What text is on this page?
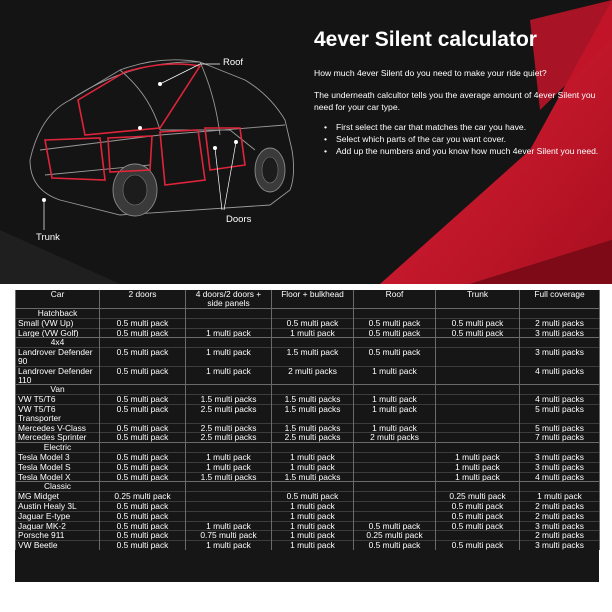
Roof
Doors
Trunk
4ever Silent calculator
How much 4ever Silent do you need to make your ride quiet?
The underneath calcultor tells you the average amount of 4ever Silent you need for your car type.
• First select the car that matches the car you have.
• Select which parts of the car you want cover.
• Add up the numbers and you know how much 4ever Silent you need.
Car	2 doors	4 doors/2 doors + side panels	Floor + bulkhead	Roof	Trunk	Full coverage
Hatchback						
Small (VW Up)	0.5 multi pack		0.5 multi pack	0.5 multi pack	0.5 multi pack	2 multi packs
Large (VW Golf)	0.5 multi pack	1 multi pack	1 multi pack	0.5 multi pack	0.5 multi pack	3 multi packs
4x4						
Landrover Defender 90	0.5 multi pack	1 multi pack	1.5 multi pack	0.5 multi pack		3 multi packs
Landrover Defender 110	0.5 multi pack	1 multi pack	2 multi packs	1 multi pack		4 multi packs
Van						
VW T5/T6	0.5 multi pack	1.5 multi packs	1.5 multi packs	1 multi pack		4 multi packs
VW T5/T6 Transporter	0.5 multi pack	2.5 multi packs	1.5 multi packs	1 multi pack		5 multi packs
Mercedes V-Class	0.5 multi pack	2.5 multi packs	1.5 multi packs	1 multi pack		5 multi packs
Mercedes Sprinter	0.5 multi pack	2.5 multi packs	2.5 multi packs	2 multi packs		7 multi packs
Electric						
Tesla Model 3	0.5 multi pack	1 multi pack	1 multi pack		1 multi pack	3 multi packs
Tesla Model S	0.5 multi pack	1 multi pack	1 multi pack		1 multi pack	3 multi packs
Tesla Model X	0.5 multi pack	1.5 multi packs	1.5 multi packs		1 multi pack	4 multi packs
Classic						
MG Midget	0.25 multi pack		0.5 multi pack		0.25 multi pack	1 multi pack
Austin Healy 3L	0.5 multi pack		1 multi pack		0.5 multi pack	2 multi packs
Jaguar E-type	0.5 multi pack		1 multi pack		0.5 multi pack	2 multi packs
Jaguar MK-2	0.5 multi pack	1 multi pack	1 multi pack	0.5 multi pack	0.5 multi pack	3 multi packs
Porsche 911	0.5 multi pack	0.75 multi pack	1 multi pack	0.25 multi pack		2 multi packs
VW Beetle	0.5 multi pack	1 multi pack	1 multi pack	0.5 multi pack	0.5 multi pack	3 multi packs
